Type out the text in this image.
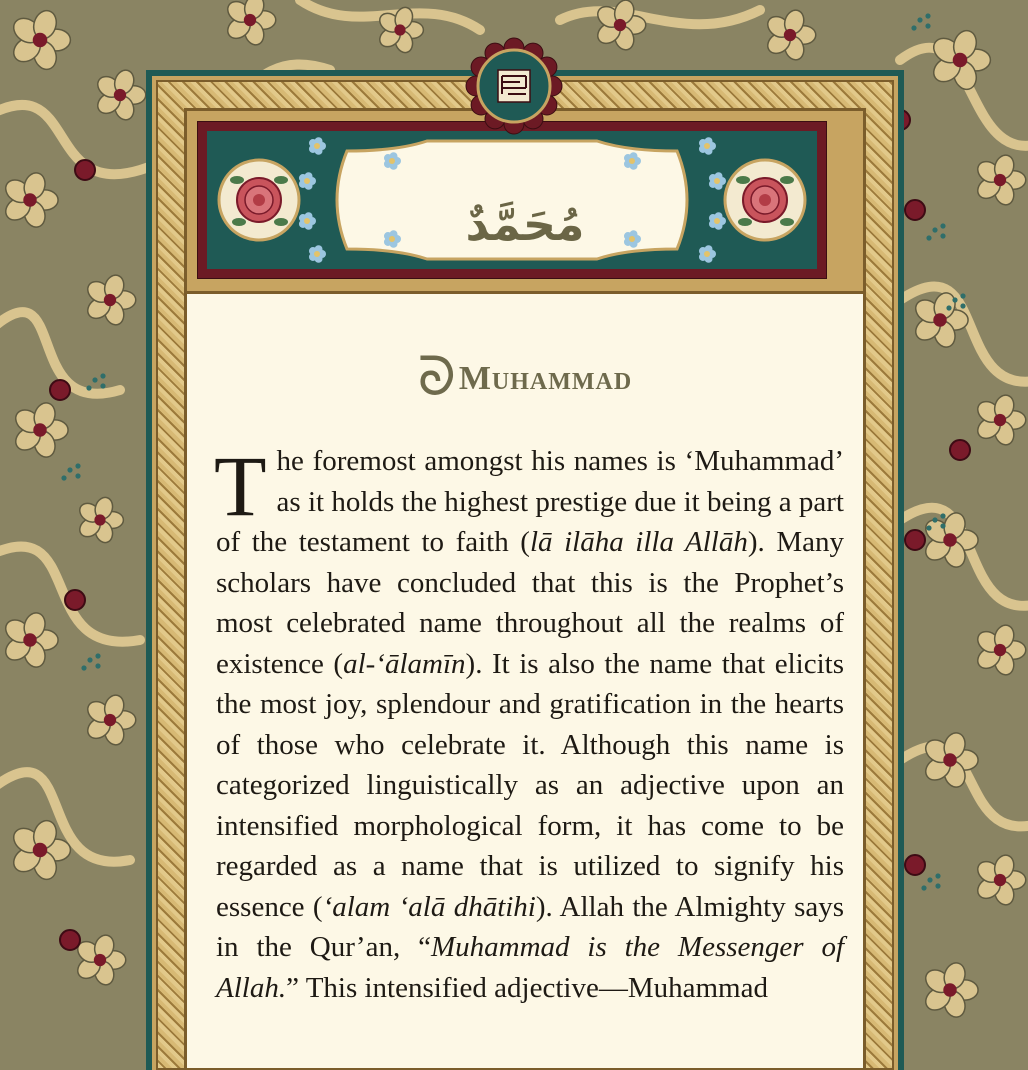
مُحَمَّدٌ
ᘐMuhammad

The foremost amongst his names is ‘Muhammad’ as it holds the highest prestige due it being a part of the testament to faith (lā ilāha illa Allāh). Many scholars have concluded that this is the Prophet’s most celebrated name throughout all the realms of existence (al-‘ālamīn). It is also the name that elicits the most joy, splendour and gratification in the hearts of those who celebrate it. Although this name is categorized linguistically as an adjective upon an intensified morphological form, it has come to be regarded as a name that is utilized to signify his essence (‘alam ‘alā dhātihi). Allah the Almighty says in the Qur’an, “Muhammad is the Messenger of Allah.” This intensified adjective—Muhammad
